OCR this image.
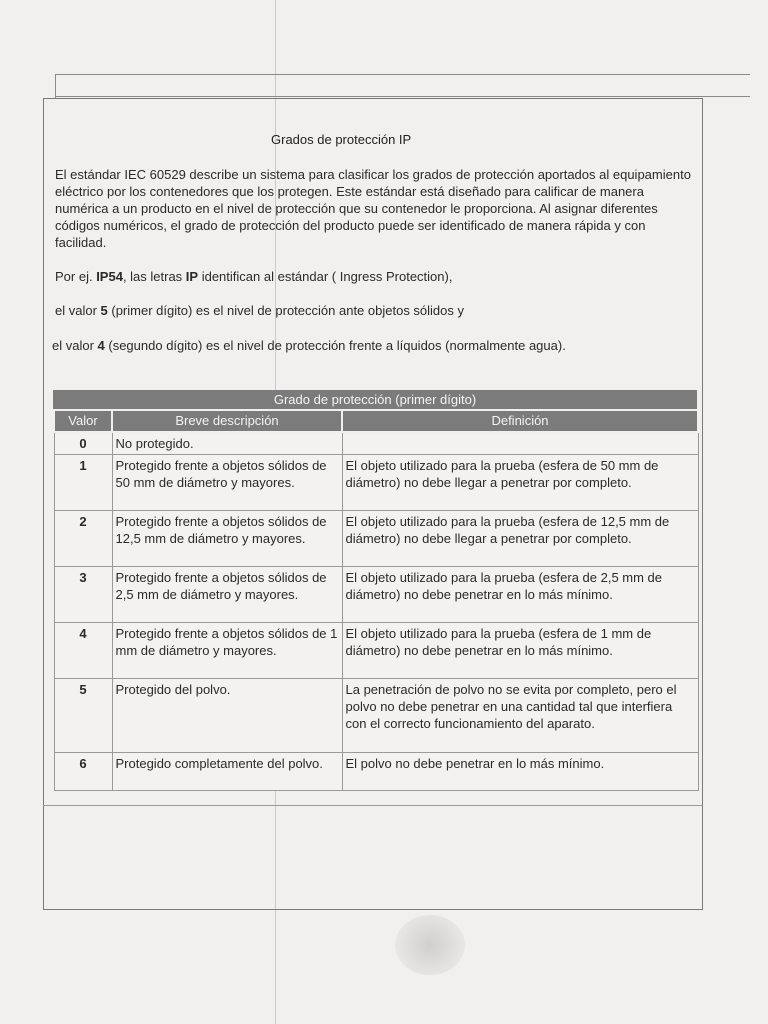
Grados de protección IP
El estándar IEC 60529 describe un sistema para clasificar los grados de protección aportados al equipamiento eléctrico por los contenedores que los protegen. Este estándar está diseñado para calificar de manera numérica a un producto en el nivel de protección que su contenedor le proporciona. Al asignar diferentes códigos numéricos, el grado de protección del producto puede ser identificado de manera rápida y con facilidad.
Por ej. IP54, las letras IP identifican al estándar ( Ingress Protection),
el valor 5 (primer dígito) es el nivel de protección ante objetos sólidos y
el valor 4 (segundo dígito) es el nivel de protección frente a líquidos (normalmente agua).
Grado de protección (primer dígito)
Valor	Breve descripción	Definición
0	No protegido.	
1	Protegido frente a objetos sólidos de 50 mm de diámetro y mayores.	El objeto utilizado para la prueba (esfera de 50 mm de diámetro) no debe llegar a penetrar por completo.
2	Protegido frente a objetos sólidos de 12,5 mm de diámetro y mayores.	El objeto utilizado para la prueba (esfera de 12,5 mm de diámetro) no debe llegar a penetrar por completo.
3	Protegido frente a objetos sólidos de 2,5 mm de diámetro y mayores.	El objeto utilizado para la prueba (esfera de 2,5 mm de diámetro) no debe penetrar en lo más mínimo.
4	Protegido frente a objetos sólidos de 1 mm de diámetro y mayores.	El objeto utilizado para la prueba (esfera de 1 mm de diámetro) no debe penetrar en lo más mínimo.
5	Protegido del polvo.	La penetración de polvo no se evita por completo, pero el polvo no debe penetrar en una cantidad tal que interfiera con el correcto funcionamiento del aparato.
6	Protegido completamente del polvo.	El polvo no debe penetrar en lo más mínimo.
